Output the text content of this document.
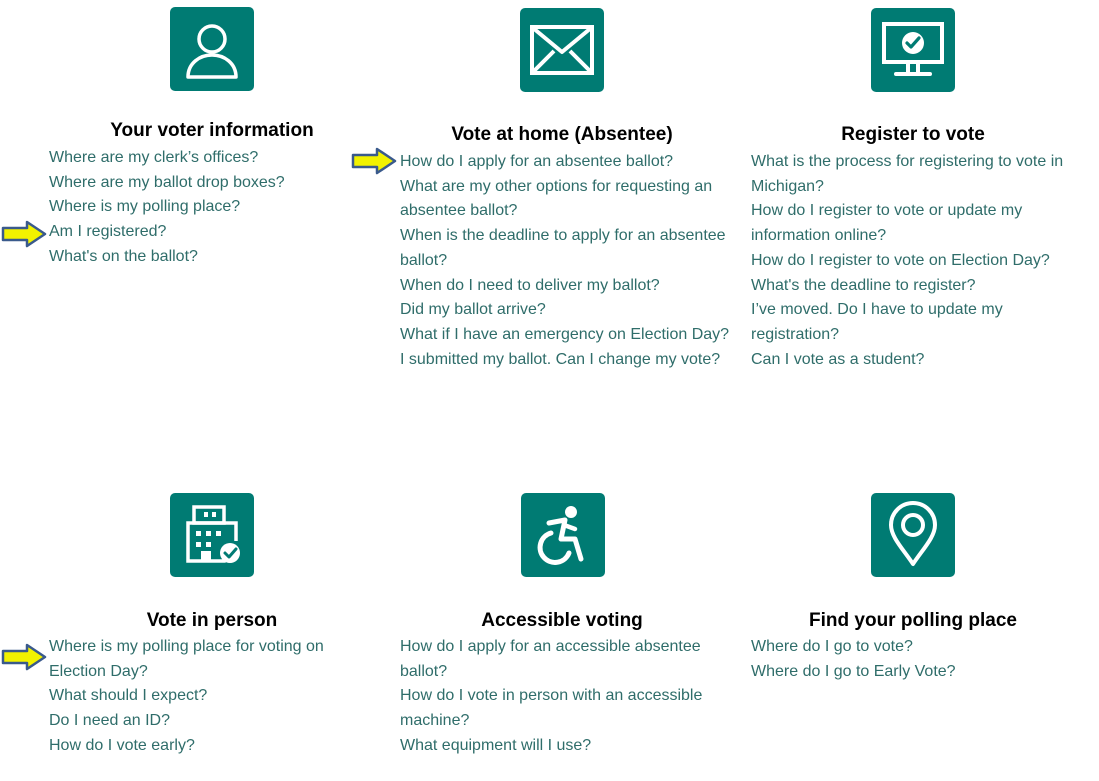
Your voter information
Where are my clerk’s offices?
Where are my ballot drop boxes?
Where is my polling place?
Am I registered?
What's on the ballot?
Vote at home (Absentee)
How do I apply for an absentee ballot?
What are my other options for requesting an absentee ballot?
When is the deadline to apply for an absentee ballot?
When do I need to deliver my ballot?
Did my ballot arrive?
What if I have an emergency on Election Day?
I submitted my ballot. Can I change my vote?
Register to vote
What is the process for registering to vote in Michigan?
How do I register to vote or update my information online?
How do I register to vote on Election Day?
What's the deadline to register?
I’ve moved. Do I have to update my registration?
Can I vote as a student?
Vote in person
Where is my polling place for voting on Election Day?
What should I expect?
Do I need an ID?
How do I vote early?
Accessible voting
How do I apply for an accessible absentee ballot?
How do I vote in person with an accessible machine?
What equipment will I use?
Find your polling place
Where do I go to vote?
Where do I go to Early Vote?
